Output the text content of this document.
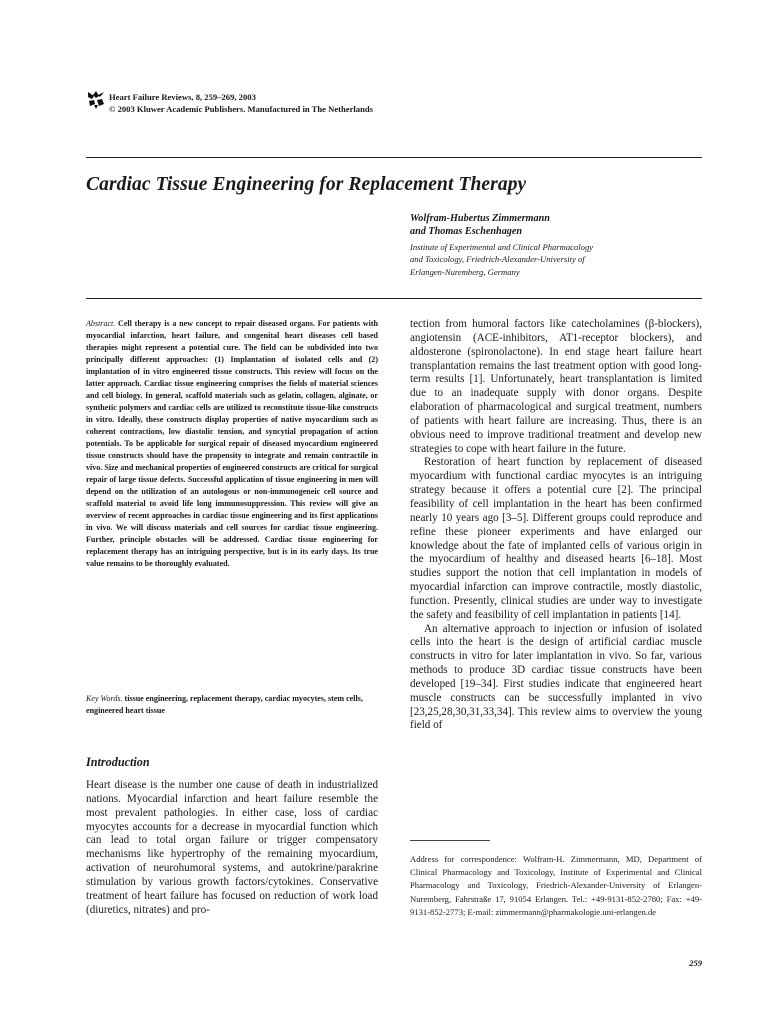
Heart Failure Reviews, 8, 259–269, 2003
© 2003 Kluwer Academic Publishers. Manufactured in The Netherlands
Cardiac Tissue Engineering for Replacement Therapy
Wolfram-Hubertus Zimmermann
and Thomas Eschenhagen
Institute of Experimental and Clinical Pharmacology
and Toxicology, Friedrich-Alexander-University of
Erlangen-Nuremberg, Germany
Abstract. Cell therapy is a new concept to repair diseased organs. For patients with myocardial infarction, heart failure, and congenital heart diseases cell based therapies might represent a potential cure. The field can be subdivided into two principally different approaches: (1) Implantation of isolated cells and (2) implantation of in vitro engineered tissue constructs. This review will focus on the latter approach. Cardiac tissue engineering comprises the fields of material sciences and cell biology. In general, scaffold materials such as gelatin, collagen, alginate, or synthetic polymers and cardiac cells are utilized to reconstitute tissue-like constructs in vitro. Ideally, these constructs display properties of native myocardium such as coherent contractions, low diastolic tension, and syncytial propagation of action potentials. To be applicable for surgical repair of diseased myocardium engineered tissue constructs should have the propensity to integrate and remain contractile in vivo. Size and mechanical properties of engineered constructs are critical for surgical repair of large tissue defects. Successful application of tissue engineering in men will depend on the utilization of an autologous or non-immunogeneic cell source and scaffold material to avoid life long immunosuppression. This review will give an overview of recent approaches in cardiac tissue engineering and its first applications in vivo. We will discuss materials and cell sources for cardiac tissue engineering. Further, principle obstacles will be addressed. Cardiac tissue engineering for replacement therapy has an intriguing perspective, but is in its early days. Its true value remains to be thoroughly evaluated.
Key Words. tissue engineering, replacement therapy, cardiac myocytes, stem cells, engineered heart tissue
Introduction

Heart disease is the number one cause of death in industrialized nations. Myocardial infarction and heart failure resemble the most prevalent pathologies. In either case, loss of cardiac myocytes accounts for a decrease in myocardial function which can lead to total organ failure or trigger compensatory mechanisms like hypertrophy of the remaining myocardium, activation of neurohumoral systems, and autokrine/parakrine stimulation by various growth factors/cytokines. Conservative treatment of heart failure has focused on reduction of work load (diuretics, nitrates) and pro-

tection from humoral factors like catecholamines (β-blockers), angiotensin (ACE-inhibitors, AT1-receptor blockers), and aldosterone (spironolactone). In end stage heart failure heart transplantation remains the last treatment option with good long-term results [1]. Unfortunately, heart transplantation is limited due to an inadequate supply with donor organs. Despite elaboration of pharmacological and surgical treatment, numbers of patients with heart failure are increasing. Thus, there is an obvious need to improve traditional treatment and develop new strategies to cope with heart failure in the future.

Restoration of heart function by replacement of diseased myocardium with functional cardiac myocytes is an intriguing strategy because it offers a potential cure [2]. The principal feasibility of cell implantation in the heart has been confirmed nearly 10 years ago [3–5]. Different groups could reproduce and refine these pioneer experiments and have enlarged our knowledge about the fate of implanted cells of various origin in the myocardium of healthy and diseased hearts [6–18]. Most studies support the notion that cell implantation in models of myocardial infarction can improve contractile, mostly diastolic, function. Presently, clinical studies are under way to investigate the safety and feasibility of cell implantation in patients [14].

An alternative approach to injection or infusion of isolated cells into the heart is the design of artificial cardiac muscle constructs in vitro for later implantation in vivo. So far, various methods to produce 3D cardiac tissue constructs have been developed [19–34]. First studies indicate that engineered heart muscle constructs can be successfully implanted in vivo [23,25,28,30,31,33,34]. This review aims to overview the young field of

Address for correspondence: Wolfram-H. Zimmermann, MD, Department of Clinical Pharmacology and Toxicology, Institute of Experimental and Clinical Pharmacology and Toxicology, Friedrich-Alexander-University of Erlangen-Nuremberg, Fahrstraße 17, 91054 Erlangen. Tel.: +49-9131-852-2780; Fax: +49-9131-852-2773; E-mail: zimmermann@pharmakologie.uni-erlangen.de
259
